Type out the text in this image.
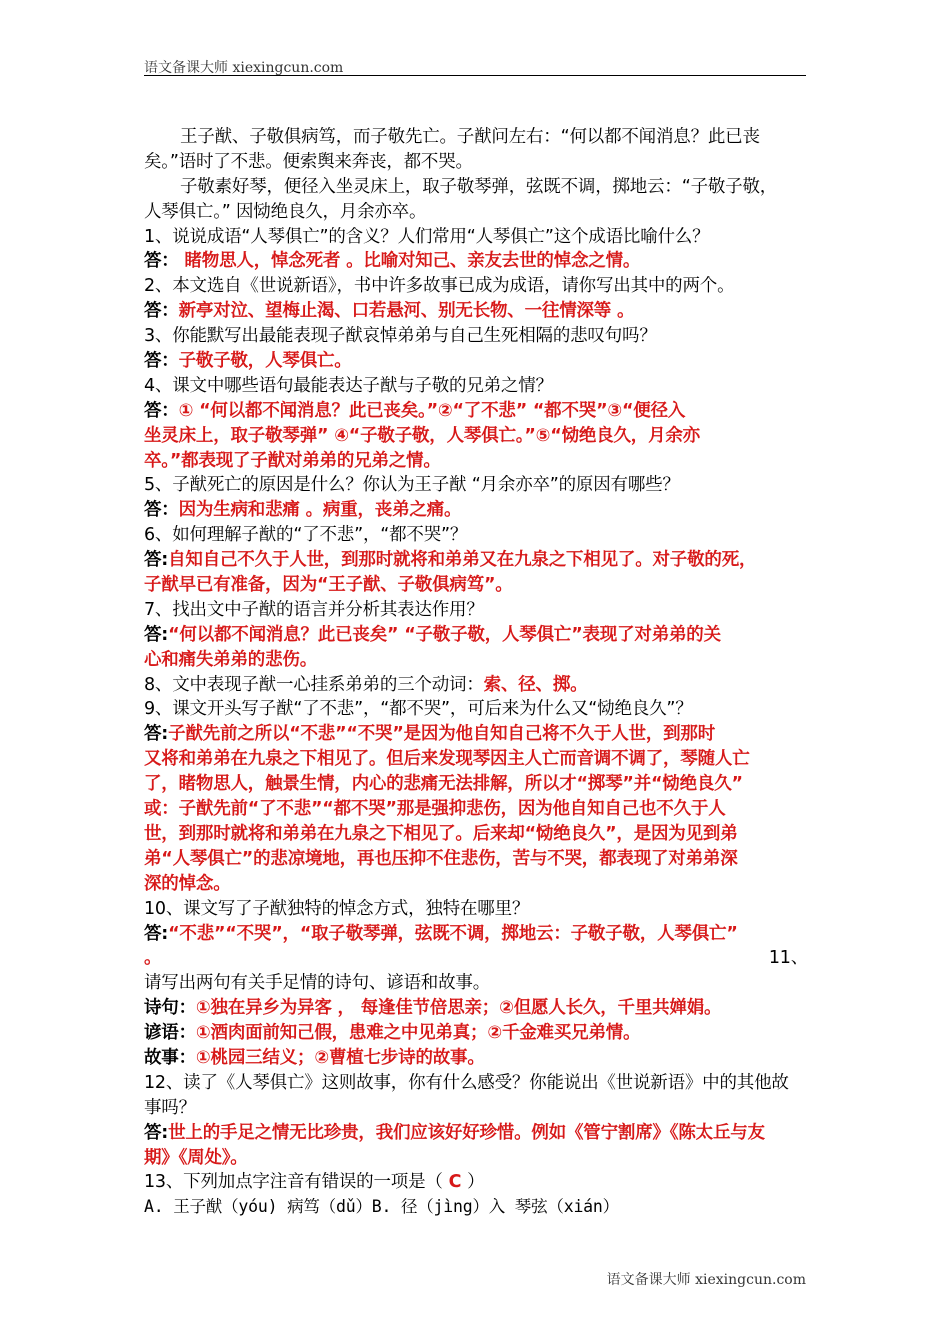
语文备课大师 xiexingcun.com
王子猷、子敬俱病笃，而子敬先亡。子猷问左右：“何以都不闻消息？此已丧
矣。”语时了不悲。便索舆来奔丧，都不哭。
子敬素好琴，便径入坐灵床上，取子敬琴弹，弦既不调，掷地云：“子敬子敬，
人琴俱亡。” 因恸绝良久，月余亦卒。
1、说说成语“人琴俱亡”的含义？人们常用“人琴俱亡”这个成语比喻什么？
答： 睹物思人，悼念死者 。比喻对知己、亲友去世的悼念之情。
2、本文选自《世说新语》，书中许多故事已成为成语，请你写出其中的两个。
答：新亭对泣、望梅止渴、口若悬河、别无长物、一往情深等 。
3、你能默写出最能表现子猷哀悼弟弟与自己生死相隔的悲叹句吗？
答：子敬子敬，人琴俱亡。
4、课文中哪些语句最能表达子猷与子敬的兄弟之情？
答：① “何以都不闻消息？此已丧矣。”②“了不悲” “都不哭”③“便径入
坐灵床上，取子敬琴弹” ④“子敬子敬，人琴俱亡。”⑤“恸绝良久，月余亦
卒。”都表现了子猷对弟弟的兄弟之情。
5、子猷死亡的原因是什么？你认为王子猷 “月余亦卒”的原因有哪些？
答：因为生病和悲痛 。病重，丧弟之痛。
6、如何理解子猷的“了不悲”，“都不哭”？
答:自知自己不久于人世，到那时就将和弟弟又在九泉之下相见了。对子敬的死，
子猷早已有准备，因为“王子猷、子敬俱病笃”。
7、找出文中子猷的语言并分析其表达作用？
答:“何以都不闻消息？此已丧矣” “子敬子敬，人琴俱亡”表现了对弟弟的关
心和痛失弟弟的悲伤。
8、文中表现子猷一心挂系弟弟的三个动词：索、径、掷。
9、课文开头写子猷“了不悲”，“都不哭”，可后来为什么又“恸绝良久”？
答:子猷先前之所以“不悲”“不哭”是因为他自知自己将不久于人世，到那时
又将和弟弟在九泉之下相见了。但后来发现琴因主人亡而音调不调了，琴随人亡
了，睹物思人，触景生情，内心的悲痛无法排解，所以才“掷琴”并“恸绝良久”
或：子猷先前“了不悲”“都不哭”那是强抑悲伤，因为他自知自己也不久于人
世，到那时就将和弟弟在九泉之下相见了。后来却“恸绝良久”，是因为见到弟
弟“人琴俱亡”的悲凉境地，再也压抑不住悲伤，苦与不哭，都表现了对弟弟深
深的悼念。
10、课文写了子猷独特的悼念方式，独特在哪里？
答:“不悲”“不哭”，“取子敬琴弹，弦既不调，掷地云：子敬子敬，人琴俱亡”
。	11、
请写出两句有关手足情的诗句、谚语和故事。
诗句：①独在异乡为异客 ， 每逢佳节倍思亲；②但愿人长久，千里共婵娟。
谚语：①酒肉面前知己假，患难之中见弟真；②千金难买兄弟情。
故事：①桃园三结义；②曹植七步诗的故事。
12、读了《人琴俱亡》这则故事，你有什么感受？你能说出《世说新语》中的其他故
事吗？
答:世上的手足之情无比珍贵，我们应该好好珍惜。例如《管宁割席》《陈太丘与友
期》《周处》。
13、下列加点字注音有错误的一项是（ C ）
A. 王子猷（yóu) 病笃（dǔ）B. 径（jìng）入 琴弦（xián）
语文备课大师 xiexingcun.com
